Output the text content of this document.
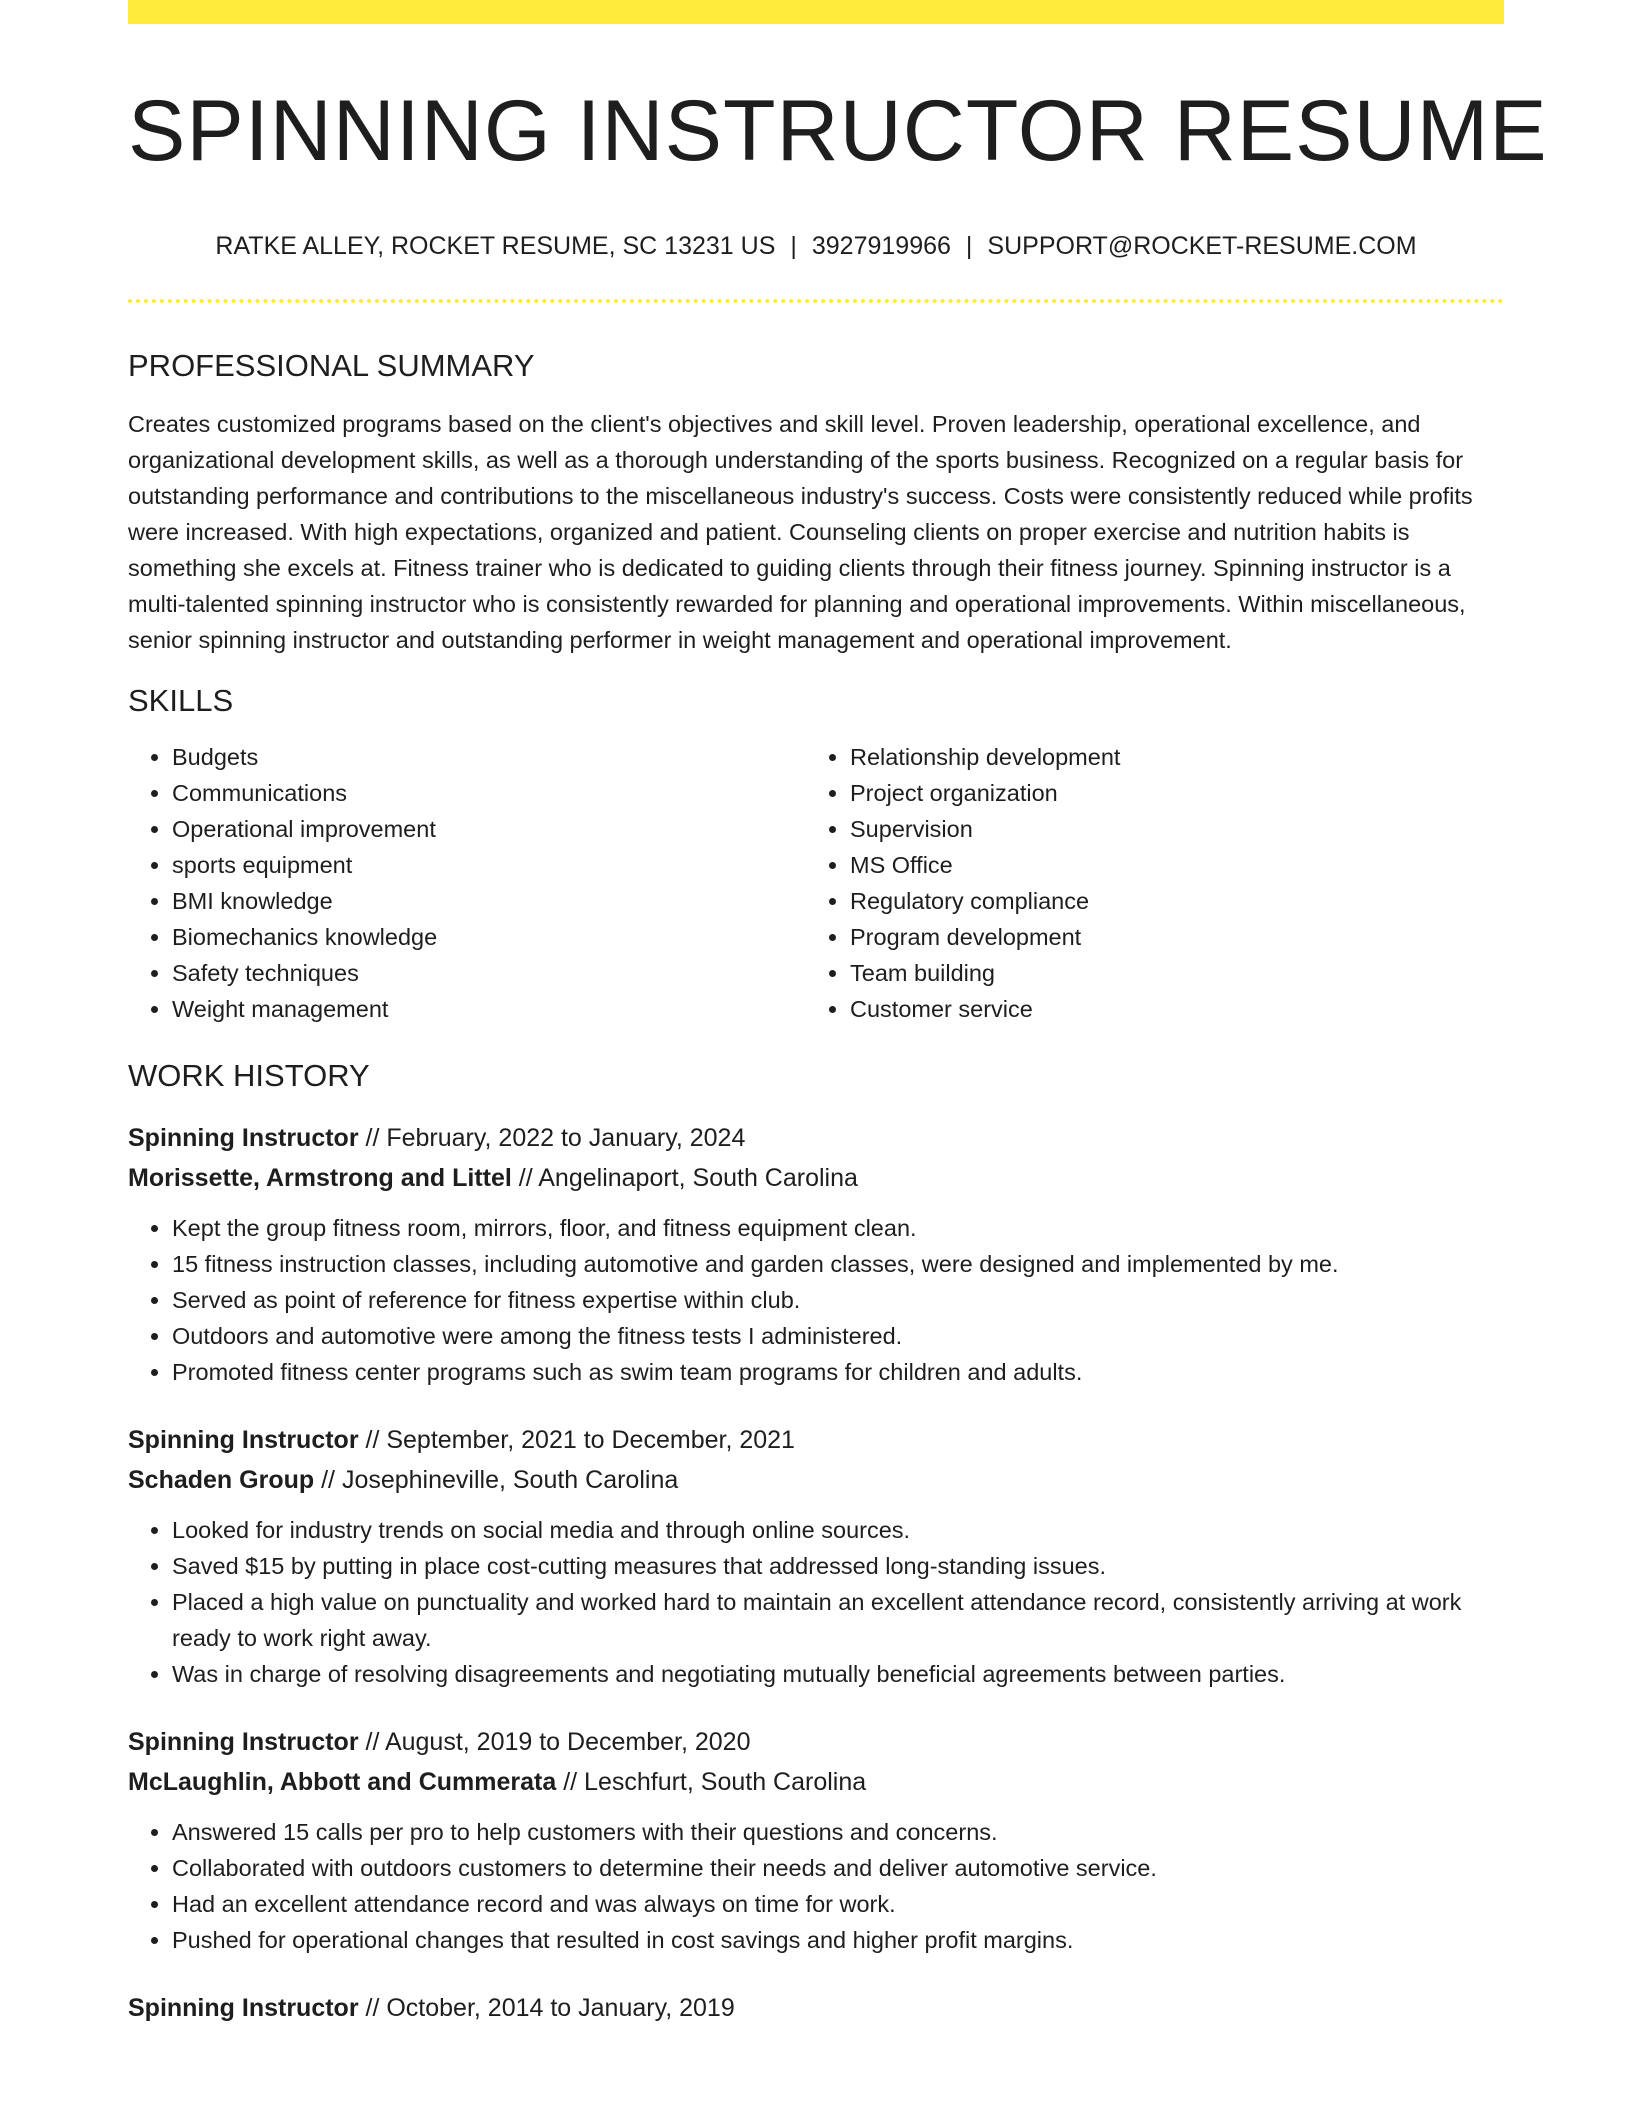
SPINNING INSTRUCTOR RESUME
RATKE ALLEY, ROCKET RESUME, SC 13231 US | 3927919966 | SUPPORT@ROCKET-RESUME.COM
PROFESSIONAL SUMMARY

Creates customized programs based on the client's objectives and skill level. Proven leadership, operational excellence, and organizational development skills, as well as a thorough understanding of the sports business. Recognized on a regular basis for outstanding performance and contributions to the miscellaneous industry's success. Costs were consistently reduced while profits were increased. With high expectations, organized and patient. Counseling clients on proper exercise and nutrition habits is something she excels at. Fitness trainer who is dedicated to guiding clients through their fitness journey. Spinning instructor is a multi-talented spinning instructor who is consistently rewarded for planning and operational improvements. Within miscellaneous, senior spinning instructor and outstanding performer in weight management and operational improvement.

SKILLS
• Budgets
• Communications
• Operational improvement
• sports equipment
• BMI knowledge
• Biomechanics knowledge
• Safety techniques
• Weight management
• Relationship development
• Project organization
• Supervision
• MS Office
• Regulatory compliance
• Program development
• Team building
• Customer service
WORK HISTORY
Spinning Instructor // February, 2022 to January, 2024
Morissette, Armstrong and Littel // Angelinaport, South Carolina
• Kept the group fitness room, mirrors, floor, and fitness equipment clean.
• 15 fitness instruction classes, including automotive and garden classes, were designed and implemented by me.
• Served as point of reference for fitness expertise within club.
• Outdoors and automotive were among the fitness tests I administered.
• Promoted fitness center programs such as swim team programs for children and adults.
Spinning Instructor // September, 2021 to December, 2021
Schaden Group // Josephineville, South Carolina
• Looked for industry trends on social media and through online sources.
• Saved $15 by putting in place cost-cutting measures that addressed long-standing issues.
• Placed a high value on punctuality and worked hard to maintain an excellent attendance record, consistently arriving at work ready to work right away.
• Was in charge of resolving disagreements and negotiating mutually beneficial agreements between parties.
Spinning Instructor // August, 2019 to December, 2020
McLaughlin, Abbott and Cummerata // Leschfurt, South Carolina
• Answered 15 calls per pro to help customers with their questions and concerns.
• Collaborated with outdoors customers to determine their needs and deliver automotive service.
• Had an excellent attendance record and was always on time for work.
• Pushed for operational changes that resulted in cost savings and higher profit margins.
Spinning Instructor // October, 2014 to January, 2019
